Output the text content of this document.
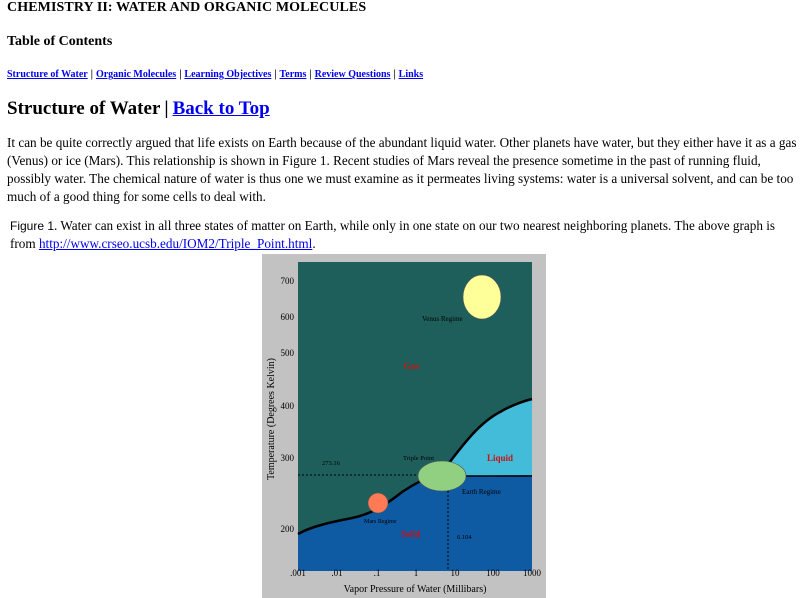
CHEMISTRY II: WATER AND ORGANIC MOLECULES
Table of Contents
Structure of Water | Organic Molecules | Learning Objectives | Terms | Review Questions | Links
Structure of Water | Back to Top

It can be quite correctly argued that life exists on Earth because of the abundant liquid water. Other planets have water, but they either have it as a gas (Venus) or ice (Mars). This relationship is shown in Figure 1. Recent studies of Mars reveal the presence sometime in the past of running fluid, possibly water. The chemical nature of water is thus one we must examine as it permeates living systems: water is a universal solvent, and can be too much of a good thing for some cells to deal with.

Figure 1. Water can exist in all three states of matter on Earth, while only in one state on our two nearest neighboring planets. The above graph is from http://www.crseo.ucsb.edu/IOM2/Triple_Point.html.

Venus Regime
Earth Regime
Mars Regime
Gas
Liquid
Solid
Triple Point
273.16
6.104
700
600
500
400
300
200
.001	.01	.1	1	10	100	1000
Vapor Pressure of Water (Millibars)
Temperature (Degrees Kelvin)
